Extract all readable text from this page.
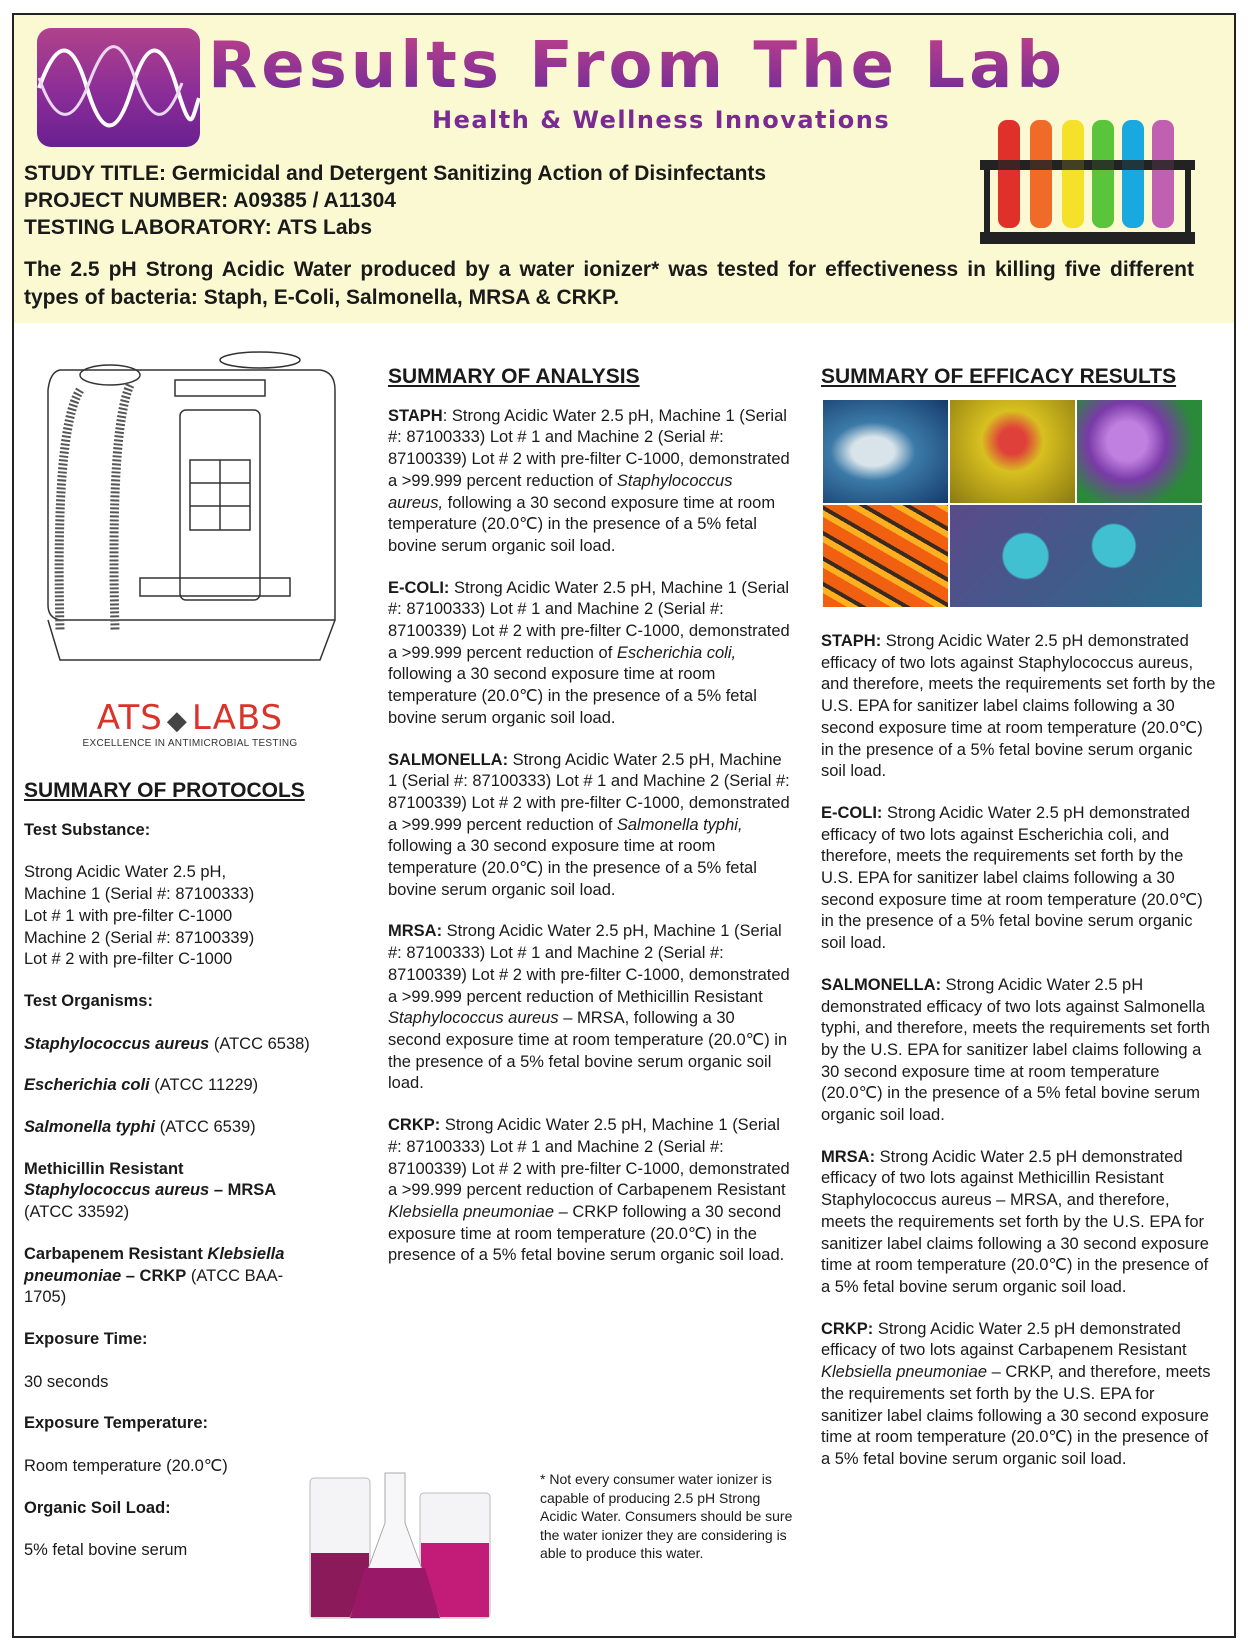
Results From The Lab
Health & Wellness Innovations
STUDY TITLE: Germicidal and Detergent Sanitizing Action of Disinfectants
PROJECT NUMBER: A09385 / A11304
TESTING LABORATORY: ATS Labs
The 2.5 pH Strong Acidic Water produced by a water ionizer* was tested for effectiveness in killing five different types of bacteria: Staph, E-Coli, Salmonella, MRSA & CRKP.
ATS ◆ LABS
EXCELLENCE IN ANTIMICROBIAL TESTING
SUMMARY OF PROTOCOLS
Test Substance:
Strong Acidic Water 2.5 pH, Machine 1 (Serial #: 87100333) Lot # 1 with pre-filter C-1000 Machine 2 (Serial #: 87100339) Lot # 2 with pre-filter C-1000
Test Organisms:
Staphylococcus aureus (ATCC 6538)
Escherichia coli (ATCC 11229)
Salmonella typhi (ATCC 6539)
Methicillin Resistant Staphylococcus aureus – MRSA (ATCC 33592)
Carbapenem Resistant Klebsiella pneumoniae – CRKP (ATCC BAA-1705)
Exposure Time:
30 seconds
Exposure Temperature:
Room temperature (20.0℃)
Organic Soil Load:
5% fetal bovine serum
SUMMARY OF ANALYSIS
STAPH: Strong Acidic Water 2.5 pH, Machine 1 (Serial #: 87100333) Lot # 1 and Machine 2 (Serial #: 87100339) Lot # 2 with pre-filter C-1000, demonstrated a >99.999 percent reduction of Staphylococcus aureus, following a 30 second exposure time at room temperature (20.0℃) in the presence of a 5% fetal bovine serum organic soil load.
E-COLI: Strong Acidic Water 2.5 pH, Machine 1 (Serial #: 87100333) Lot # 1 and Machine 2 (Serial #: 87100339) Lot # 2 with pre-filter C-1000, demonstrated a >99.999 percent reduction of Escherichia coli, following a 30 second exposure time at room temperature (20.0℃) in the presence of a 5% fetal bovine serum organic soil load.
SALMONELLA: Strong Acidic Water 2.5 pH, Machine 1 (Serial #: 87100333) Lot # 1 and Machine 2 (Serial #: 87100339) Lot # 2 with pre-filter C-1000, demonstrated a >99.999 percent reduction of Salmonella typhi, following a 30 second exposure time at room temperature (20.0℃) in the presence of a 5% fetal bovine serum organic soil load.
MRSA: Strong Acidic Water 2.5 pH, Machine 1 (Serial #: 87100333) Lot # 1 and Machine 2 (Serial #: 87100339) Lot # 2 with pre-filter C-1000, demonstrated a >99.999 percent reduction of Methicillin Resistant Staphylococcus aureus – MRSA, following a 30 second exposure time at room temperature (20.0℃) in the presence of a 5% fetal bovine serum organic soil load.
CRKP: Strong Acidic Water 2.5 pH, Machine 1 (Serial #: 87100333) Lot # 1 and Machine 2 (Serial #: 87100339) Lot # 2 with pre-filter C-1000, demonstrated a >99.999 percent reduction of Carbapenem Resistant Klebsiella pneumoniae – CRKP following a 30 second exposure time at room temperature (20.0℃) in the presence of a 5% fetal bovine serum organic soil load.
* Not every consumer water ionizer is capable of producing 2.5 pH Strong Acidic Water. Consumers should be sure the water ionizer they are considering is able to produce this water.
SUMMARY OF EFFICACY RESULTS
STAPH: Strong Acidic Water 2.5 pH demonstrated efficacy of two lots against Staphylococcus aureus, and therefore, meets the requirements set forth by the U.S. EPA for sanitizer label claims following a 30 second exposure time at room temperature (20.0℃) in the presence of a 5% fetal bovine serum organic soil load.
E-COLI: Strong Acidic Water 2.5 pH demonstrated efficacy of two lots against Escherichia coli, and therefore, meets the requirements set forth by the U.S. EPA for sanitizer label claims following a 30 second exposure time at room temperature (20.0℃) in the presence of a 5% fetal bovine serum organic soil load.
SALMONELLA: Strong Acidic Water 2.5 pH demonstrated efficacy of two lots against Salmonella typhi, and therefore, meets the requirements set forth by the U.S. EPA for sanitizer label claims following a 30 second exposure time at room temperature (20.0℃) in the presence of a 5% fetal bovine serum organic soil load.
MRSA: Strong Acidic Water 2.5 pH demonstrated efficacy of two lots against Methicillin Resistant Staphylococcus aureus – MRSA, and therefore, meets the requirements set forth by the U.S. EPA for sanitizer label claims following a 30 second exposure time at room temperature (20.0℃) in the presence of a 5% fetal bovine serum organic soil load.
CRKP: Strong Acidic Water 2.5 pH demonstrated efficacy of two lots against Carbapenem Resistant Klebsiella pneumoniae – CRKP, and therefore, meets the requirements set forth by the U.S. EPA for sanitizer label claims following a 30 second exposure time at room temperature (20.0℃) in the presence of a 5% fetal bovine serum organic soil load.
